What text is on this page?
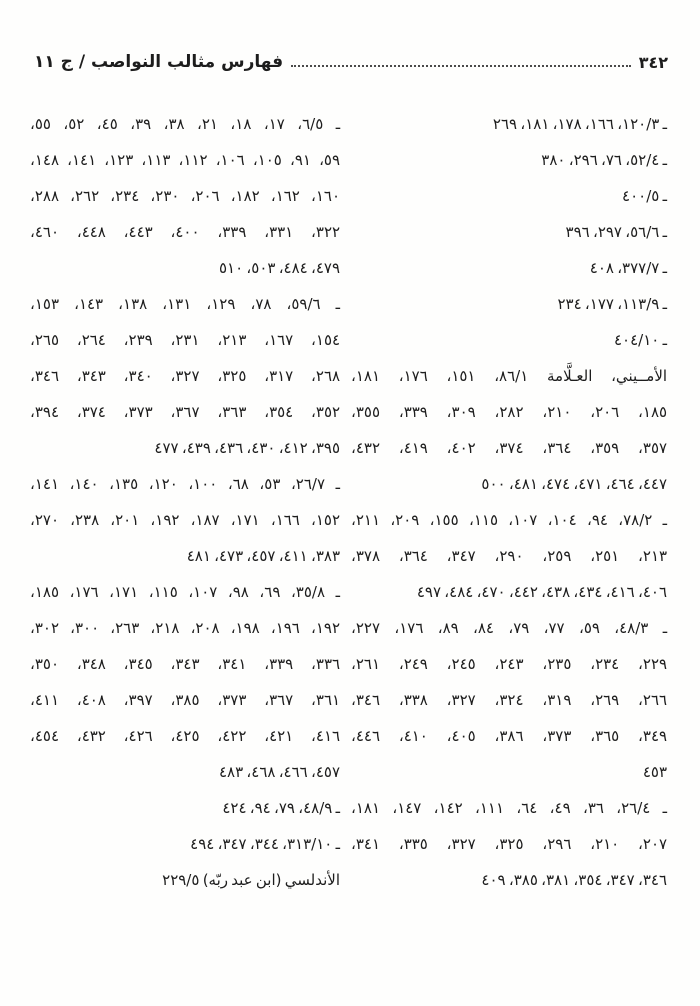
٣٤٢
فهارس مثالب النواصب / ج ١١
ـ ١٢٠/٣، ١٦٦، ١٧٨، ١٨١، ٢٦٩
ـ ٥٢/٤، ٧٦، ٢٩٦، ٣٨٠
ـ ٤٠٠/٥
ـ ٥٦/٦، ٢٩٧، ٣٩٦
ـ ٣٧٧/٧، ٤٠٨
ـ ١١٣/٩، ١٧٧، ٢٣٤
ـ ٤٠٤/١٠
الأمــيني، العـلَّامة ٨٦/١، ١٥١، ١٧٦، ١٨١،
١٨٥، ٢٠٦، ٢١٠، ٢٨٢، ٣٠٩، ٣٣٩، ٣٥٥،
٣٥٧، ٣٥٩، ٣٦٤، ٣٧٤، ٤٠٢، ٤١٩، ٤٣٢،
٤٤٧، ٤٦٤، ٤٧١، ٤٧٤، ٤٨١، ٥٠٠
ـ ٧٨/٢، ٩٤، ١٠٤، ١٠٧، ١١٥، ١٥٥، ٢٠٩، ٢١١،
٢١٣، ٢٥١، ٢٥٩، ٢٩٠، ٣٤٧، ٣٦٤، ٣٧٨،
٤٠٦، ٤١٦، ٤٣٤، ٤٣٨، ٤٤٢، ٤٧٠، ٤٨٤، ٤٩٧
ـ ٤٨/٣، ٥٩، ٧٧، ٧٩، ٨٤، ٨٩، ١٧٦، ٢٢٧،
٢٢٩، ٢٣٤، ٢٣٥، ٢٤٣، ٢٤٥، ٢٤٩، ٢٦١،
٢٦٦، ٢٦٩، ٣١٩، ٣٢٤، ٣٢٧، ٣٣٨، ٣٤٦،
٣٤٩، ٣٦٥، ٣٧٣، ٣٨٦، ٤٠٥، ٤١٠، ٤٤٦،
٤٥٣
ـ ٢٦/٤، ٣٦، ٤٩، ٦٤، ١١١، ١٤٢، ١٤٧، ١٨١،
٢٠٧، ٢١٠، ٢٩٦، ٣٢٥، ٣٢٧، ٣٣٥، ٣٤١،
٣٤٦، ٣٤٧، ٣٥٤، ٣٨١، ٣٨٥، ٤٠٩
ـ ٦/٥، ١٧، ١٨، ٢١، ٣٨، ٣٩، ٤٥، ٥٢، ٥٥،
٥٩، ٩١، ١٠٥، ١٠٦، ١١٢، ١١٣، ١٢٣، ١٤١، ١٤٨،
١٦٠، ١٦٢، ١٨٢، ٢٠٦، ٢٣٠، ٢٣٤، ٢٦٢، ٢٨٨،
٣٢٢، ٣٣١، ٣٣٩، ٤٠٠، ٤٤٣، ٤٤٨، ٤٦٠،
٤٧٩، ٤٨٤، ٥٠٣، ٥١٠
ـ ٥٩/٦، ٧٨، ١٢٩، ١٣١، ١٣٨، ١٤٣، ١٥٣،
١٥٤، ١٦٧، ٢١٣، ٢٣١، ٢٣٩، ٢٦٤، ٢٦٥،
٢٦٨، ٣١٧، ٣٢٥، ٣٢٧، ٣٤٠، ٣٤٣، ٣٤٦،
٣٥٢، ٣٥٤، ٣٦٣، ٣٦٧، ٣٧٣، ٣٧٤، ٣٩٤،
٣٩٥، ٤١٢، ٤٣٠، ٤٣٦، ٤٣٩، ٤٧٧
ـ ٢٦/٧، ٥٣، ٦٨، ١٠٠، ١٢٠، ١٣٥، ١٤٠، ١٤١،
١٥٢، ١٦٦، ١٧١، ١٨٧، ١٩٢، ٢٠١، ٢٣٨، ٢٧٠،
٣٨٣، ٤١١، ٤٥٧، ٤٧٣، ٤٨١
ـ ٣٥/٨، ٦٩، ٩٨، ١٠٧، ١١٥، ١٧١، ١٧٦، ١٨٥،
١٩٢، ١٩٦، ١٩٨، ٢٠٨، ٢١٨، ٢٦٣، ٣٠٠، ٣٠٢،
٣٣٦، ٣٣٩، ٣٤١، ٣٤٣، ٣٤٥، ٣٤٨، ٣٥٠،
٣٦١، ٣٦٧، ٣٧٣، ٣٨٥، ٣٩٧، ٤٠٨، ٤١١،
٤١٦، ٤٢١، ٤٢٢، ٤٢٥، ٤٢٦، ٤٣٢، ٤٥٤،
٤٥٧، ٤٦٦، ٤٦٨، ٤٨٣
ـ ٤٨/٩، ٧٩، ٩٤، ٤٢٤
ـ ٣١٣/١٠، ٣٤٤، ٣٤٧، ٤٩٤
الأندلسي (ابن عبد ربّه) ٢٢٩/٥
